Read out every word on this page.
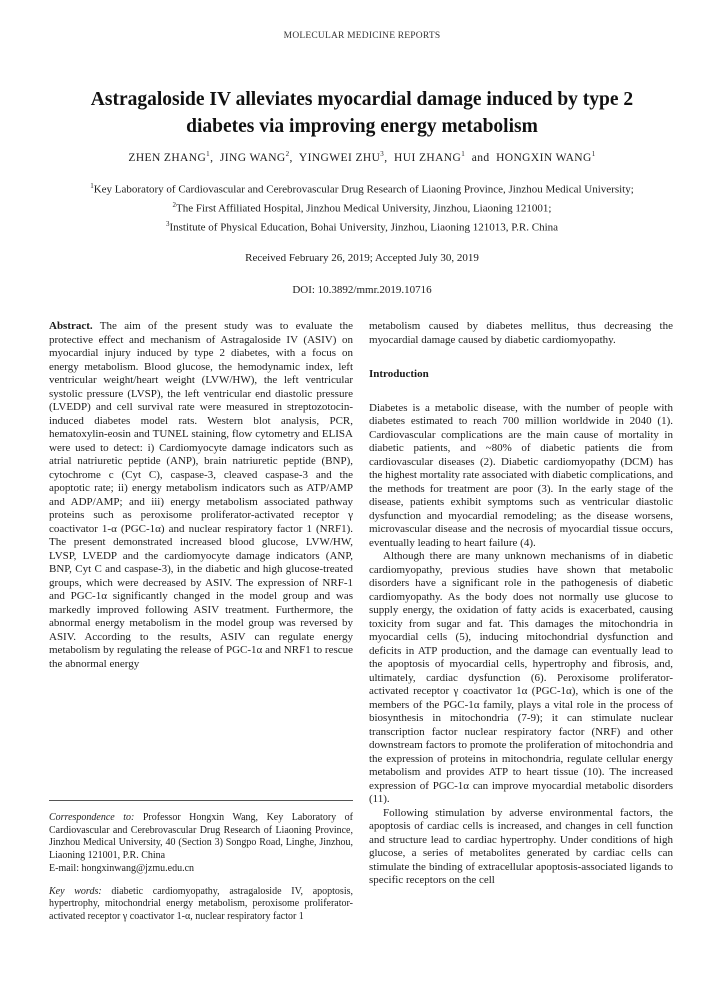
MOLECULAR MEDICINE REPORTS
Astragaloside IV alleviates myocardial damage induced by type 2
diabetes via improving energy metabolism
ZHEN ZHANG$^1$, JING WANG$^2$, YINGWEI ZHU$^3$, HUI ZHANG$^1$ and HONGXIN WANG$^1$
$^1$Key Laboratory of Cardiovascular and Cerebrovascular Drug Research of Liaoning Province, Jinzhou Medical University;
$^2$The First Affiliated Hospital, Jinzhou Medical University, Jinzhou, Liaoning 121001;
$^3$Institute of Physical Education, Bohai University, Jinzhou, Liaoning 121013, P.R. China
Received February 26, 2019; Accepted July 30, 2019
DOI: 10.3892/mmr.2019.10716

Abstract. The aim of the present study was to evaluate the protective effect and mechanism of Astragaloside IV (ASIV) on myocardial injury induced by type 2 diabetes, with a focus on energy metabolism. Blood glucose, the hemodynamic index, left ventricular weight/heart weight (LVW/HW), the left ventricular systolic pressure (LVSP), the left ventricular end diastolic pressure (LVEDP) and cell survival rate were measured in streptozotocin-induced diabetes model rats. Western blot analysis, PCR, hematoxylin-eosin and TUNEL staining, flow cytometry and ELISA were used to detect: i) Cardiomyocyte damage indicators such as atrial natriuretic peptide (ANP), brain natriuretic peptide (BNP), cytochrome c (Cyt C), caspase-3, cleaved caspase-3 and the apoptotic rate; ii) energy metabolism indicators such as ATP/AMP and ADP/AMP; and iii) energy metabolism associated pathway proteins such as peroxisome proliferator-activated receptor γ coactivator 1-α (PGC-1α) and nuclear respiratory factor 1 (NRF1). The present demonstrated increased blood glucose, LVW/HW, LVSP, LVEDP and the cardiomyocyte damage indicators (ANP, BNP, Cyt C and caspase-3), in the diabetic and high glucose-treated groups, which were decreased by ASIV. The expression of NRF-1 and PGC-1α significantly changed in the model group and was markedly improved following ASIV treatment. Furthermore, the abnormal energy metabolism in the model group was reversed by ASIV. According to the results, ASIV can regulate energy metabolism by regulating the release of PGC-1α and NRF1 to rescue the abnormal energy

metabolism caused by diabetes mellitus, thus decreasing the myocardial damage caused by diabetic cardiomyopathy.

Introduction

Diabetes is a metabolic disease, with the number of people with diabetes estimated to reach 700 million worldwide in 2040 (1). Cardiovascular complications are the main cause of mortality in diabetic patients, and ~80% of diabetic patients die from cardiovascular diseases (2). Diabetic cardiomyopathy (DCM) has the highest mortality rate associated with diabetic complications, and the methods for treatment are poor (3). In the early stage of the disease, patients exhibit symptoms such as ventricular diastolic dysfunction and myocardial remodeling; as the disease worsens, microvascular disease and the necrosis of myocardial tissue occurs, eventually leading to heart failure (4).

Although there are many unknown mechanisms of in diabetic cardiomyopathy, previous studies have shown that metabolic disorders have a significant role in the pathogenesis of diabetic cardiomyopathy. As the body does not normally use glucose to supply energy, the oxidation of fatty acids is exacerbated, causing toxicity from sugar and fat. This damages the mitochondria in myocardial cells (5), inducing mitochondrial dysfunction and deficits in ATP production, and the damage can eventually lead to the apoptosis of myocardial cells, hypertrophy and fibrosis, and, ultimately, cardiac dysfunction (6). Peroxisome proliferator-activated receptor γ coactivator 1α (PGC-1α), which is one of the members of the PGC-1α family, plays a vital role in the process of biosynthesis in mitochondria (7-9); it can stimulate nuclear transcription factor nuclear respiratory factor (NRF) and other downstream factors to promote the proliferation of mitochondria and the expression of proteins in mitochondria, regulate cellular energy metabolism and provides ATP to heart tissue (10). The increased expression of PGC-1α can improve myocardial metabolic disorders (11).

Following stimulation by adverse environmental factors, the apoptosis of cardiac cells is increased, and changes in cell function and structure lead to cardiac hypertrophy. Under conditions of high glucose, a series of metabolites generated by cardiac cells can stimulate the binding of extracellular apoptosis-associated ligands to specific receptors on the cell

Correspondence to: Professor Hongxin Wang, Key Laboratory of Cardiovascular and Cerebrovascular Drug Research of Liaoning Province, Jinzhou Medical University, 40 (Section 3) Songpo Road, Linghe, Jinzhou, Liaoning 121001, P.R. China

E-mail: hongxinwang@jzmu.edu.cn

Key words: diabetic cardiomyopathy, astragaloside IV, apoptosis, hypertrophy, mitochondrial energy metabolism, peroxisome proliferator-activated receptor γ coactivator 1-α, nuclear respiratory factor 1
